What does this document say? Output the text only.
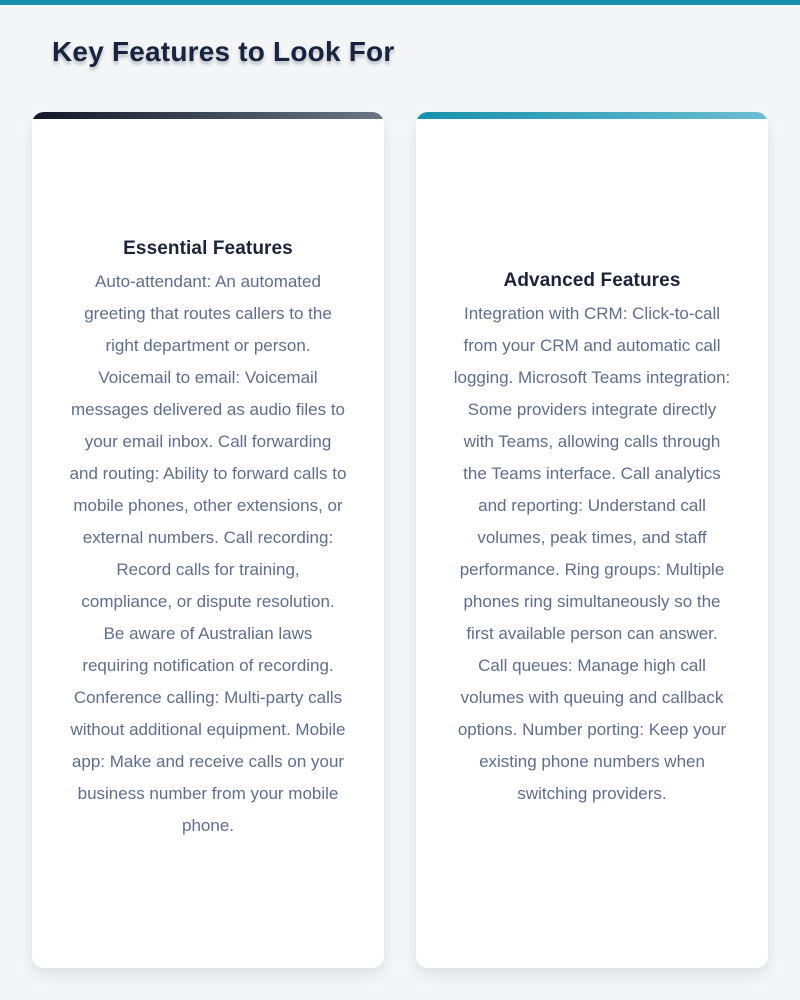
Key Features to Look For
Essential Features

Auto-attendant: An automated greeting that routes callers to the right department or person. Voicemail to email: Voicemail messages delivered as audio files to your email inbox. Call forwarding and routing: Ability to forward calls to mobile phones, other extensions, or external numbers. Call recording: Record calls for training, compliance, or dispute resolution. Be aware of Australian laws requiring notification of recording. Conference calling: Multi-party calls without additional equipment. Mobile app: Make and receive calls on your business number from your mobile phone.

Advanced Features

Integration with CRM: Click-to-call from your CRM and automatic call logging. Microsoft Teams integration: Some providers integrate directly with Teams, allowing calls through the Teams interface. Call analytics and reporting: Understand call volumes, peak times, and staff performance. Ring groups: Multiple phones ring simultaneously so the first available person can answer. Call queues: Manage high call volumes with queuing and callback options. Number porting: Keep your existing phone numbers when switching providers.
